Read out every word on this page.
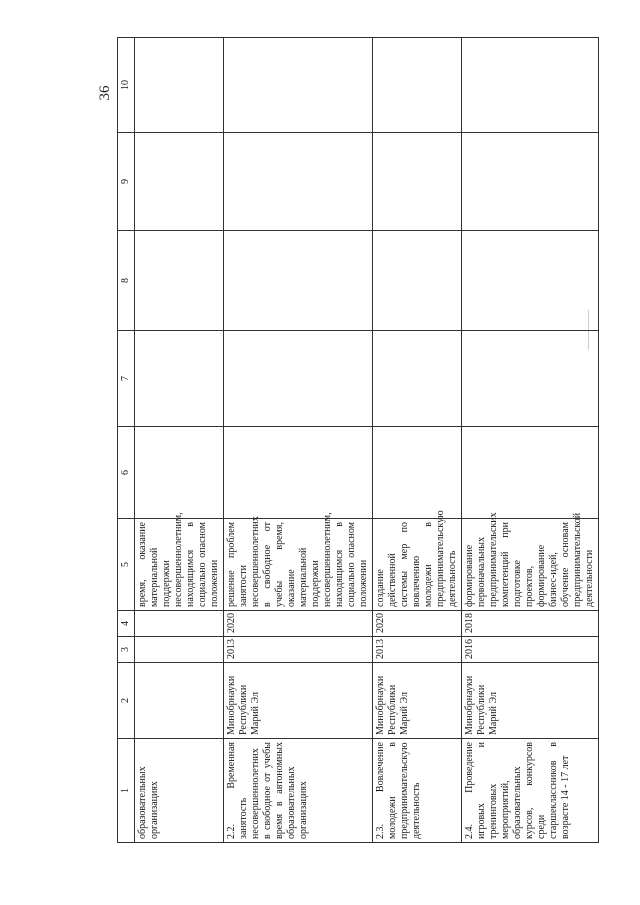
36
1	2	3	4	5	6	7	8	9	10
образовательных организациях				время, оказание материальной поддержки несовершеннолетним, находящимся в социально опасном положении					
2.2. Временная занятость несовершеннолетних в свободное от учебы время в автономных образовательных организациях	Минобрнауки Республики Марий Эл	2013	2020	решение проблем занятости несовершеннолетних в свободное от учебы время, оказание материальной поддержки несовершеннолетним, находящимся в социально опасном положении					
2.3. Вовлечение молодежи в предпринимательскую деятельность	Минобрнауки Республики Марий Эл	2013	2020	создание действенной системы мер по вовлечению молодежи в предпринимательскую деятельность					
2.4. Проведение игровых и тренинговых мероприятий, образовательных курсов, конкурсов среди старшеклассников в возрасте 14 - 17 лет	Минобрнауки Республики Марий Эл	2016	2018	формирование первоначальных предпринимательских компетенций при подготовке проектов, формирование бизнес-идей, обучение основам предпринимательской деятельности					
